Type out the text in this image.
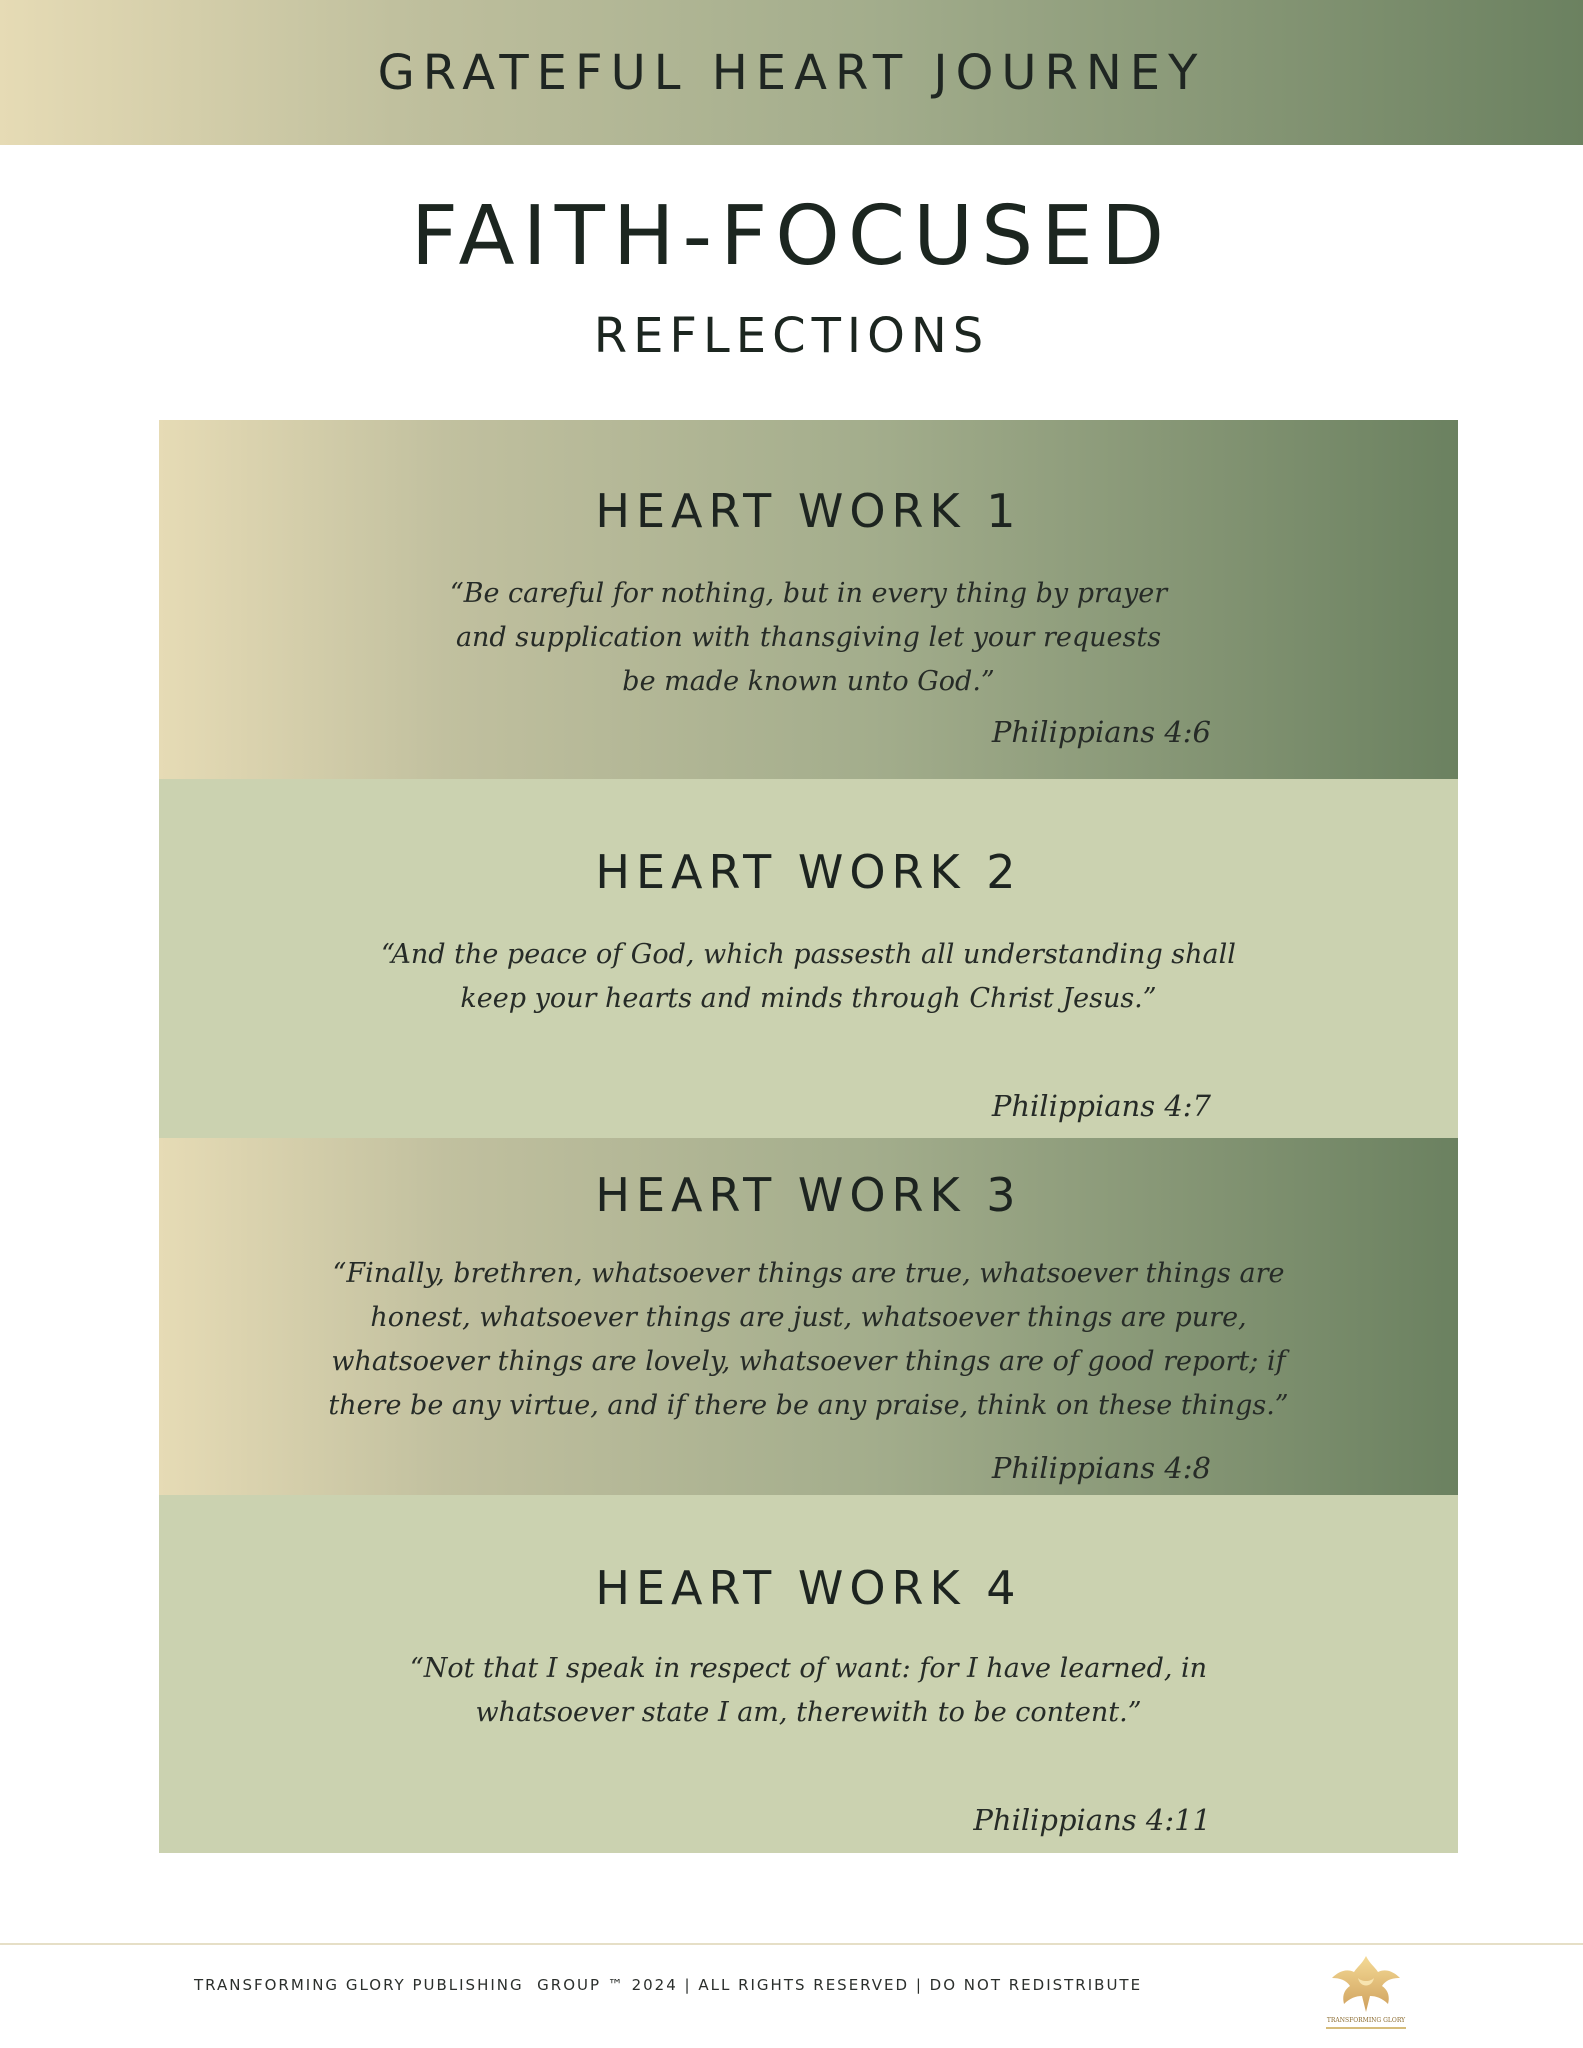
GRATEFUL HEART JOURNEY
FAITH-FOCUSED
REFLECTIONS
HEART WORK 1
“Be careful for nothing, but in every thing by prayer
and supplication with thansgiving let your requests
be made known unto God.”
Philippians 4:6
HEART WORK 2
“And the peace of God, which passesth all understanding shall
keep your hearts and minds through Christ Jesus.”
Philippians 4:7
HEART WORK 3
“Finally, brethren, whatsoever things are true, whatsoever things are
honest, whatsoever things are just, whatsoever things are pure,
whatsoever things are lovely, whatsoever things are of good report; if
there be any virtue, and if there be any praise, think on these things.”
Philippians 4:8
HEART WORK 4
“Not that I speak in respect of want: for I have learned, in
whatsoever state I am, therewith to be content.”
Philippians 4:11
TRANSFORMING GLORY PUBLISHING  GROUP ™ 2024 | ALL RIGHTS RESERVED | DO NOT REDISTRIBUTE
TRANSFORMING GLORY
